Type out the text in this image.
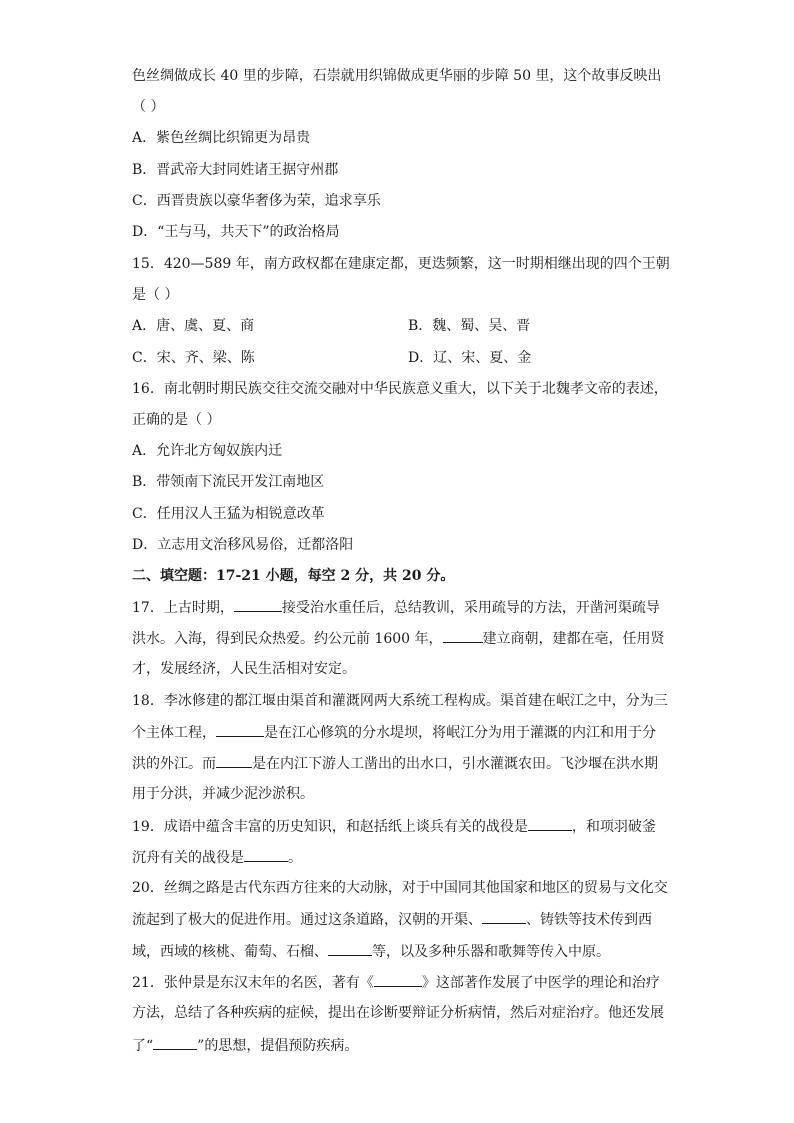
色丝绸做成长 40 里的步障，石崇就用织锦做成更华丽的步障 50 里，这个故事反映出
（ ）
A．紫色丝绸比织锦更为昂贵
B．晋武帝大封同姓诸王据守州郡
C．西晋贵族以豪华奢侈为荣，追求享乐
D．“王与马，共天下”的政治格局
15．420—589 年，南方政权都在建康定都，更迭频繁，这一时期相继出现的四个王朝
是（ ）
A．唐、虞、夏、商	B．魏、蜀、吴、晋
C．宋、齐、梁、陈	D．辽、宋、夏、金
16．南北朝时期民族交往交流交融对中华民族意义重大，以下关于北魏孝文帝的表述，
正确的是（ ）
A．允许北方匈奴族内迁
B．带领南下流民开发江南地区
C．任用汉人王猛为相锐意改革
D．立志用文治移风易俗，迁都洛阳
二、填空题：17-21 小题，每空 2 分，共 20 分。
17．上古时期，	接受治水重任后，总结教训，采用疏导的方法，开凿河渠疏导
洪水。入海，得到民众热爱。约公元前 1600 年，	建立商朝，建都在亳，任用贤
才，发展经济，人民生活相对安定。
18．李冰修建的都江堰由渠首和灌溉网两大系统工程构成。渠首建在岷江之中，分为三
个主体工程，	是在江心修筑的分水堤坝，将岷江分为用于灌溉的内江和用于分
洪的外江。而	是在内江下游人工凿出的出水口，引水灌溉农田。飞沙堰在洪水期
用于分洪，并减少泥沙淤积。
19．成语中蕴含丰富的历史知识，和赵括纸上谈兵有关的战役是	，和项羽破釜
沉舟有关的战役是	。
20．丝绸之路是古代东西方往来的大动脉，对于中国同其他国家和地区的贸易与文化交
流起到了极大的促进作用。通过这条道路，汉朝的开渠、	、铸铁等技术传到西
域，西域的核桃、葡萄、石榴、	等，以及多种乐器和歌舞等传入中原。
21．张仲景是东汉末年的名医，著有《	》这部著作发展了中医学的理论和治疗
方法，总结了各种疾病的症候，提出在诊断要辩证分析病情，然后对症治疗。他还发展
了“	”的思想，提倡预防疾病。
